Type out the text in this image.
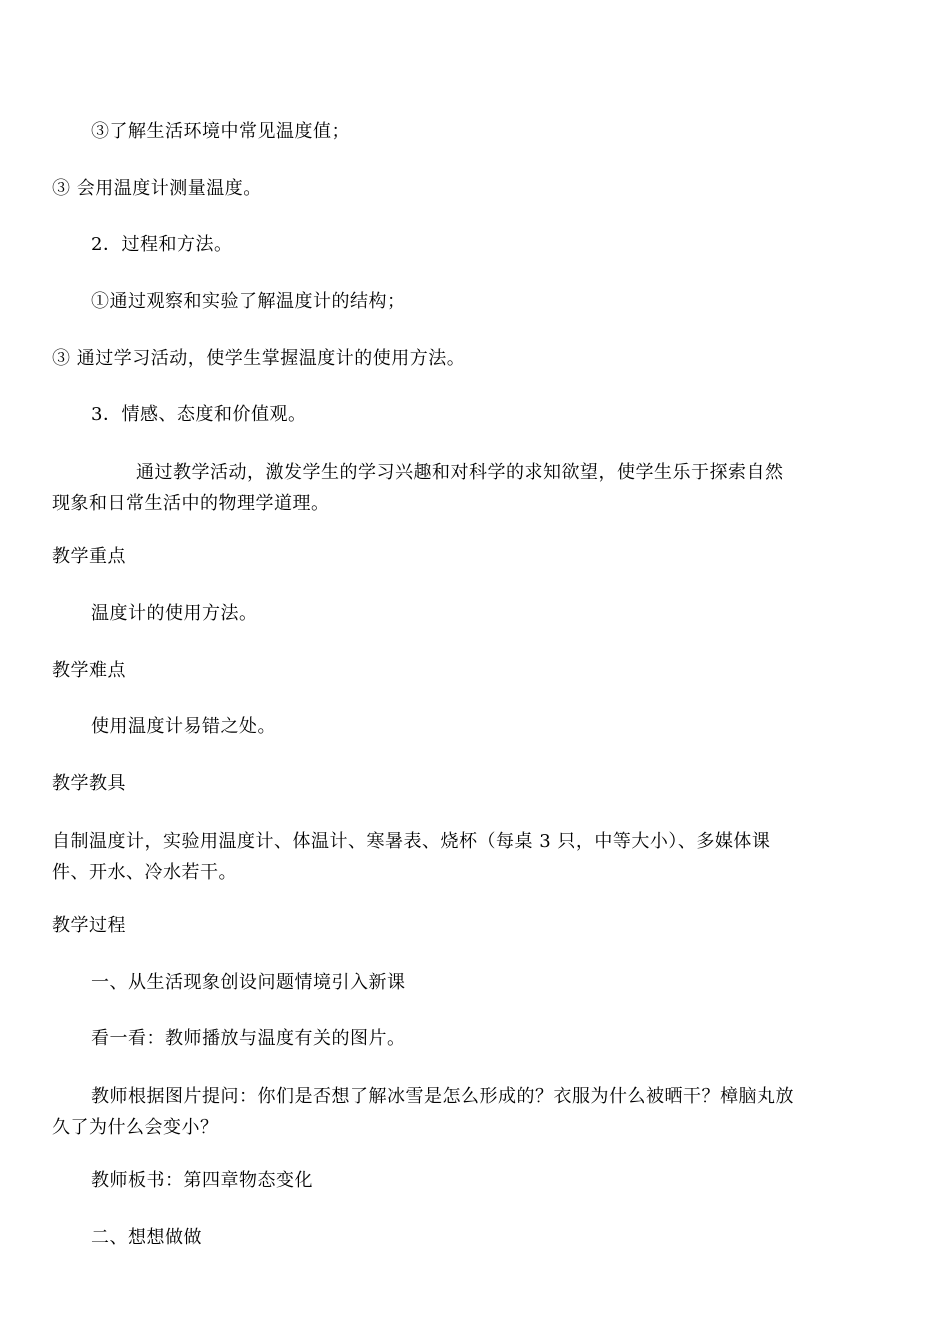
③了解生活环境中常见温度值；
③ 会用温度计测量温度。
2．过程和方法。
①通过观察和实验了解温度计的结构；
③ 通过学习活动，使学生掌握温度计的使用方法。
3．情感、态度和价值观。
通过教学活动，激发学生的学习兴趣和对科学的求知欲望，使学生乐于探索自然现象和日常生活中的物理学道理。
教学重点
温度计的使用方法。
教学难点
使用温度计易错之处。
教学教具
自制温度计，实验用温度计、体温计、寒暑表、烧杯（每桌 3 只，中等大小）、多媒体课件、开水、冷水若干。
教学过程
一、从生活现象创设问题情境引入新课
看一看：教师播放与温度有关的图片。
教师根据图片提问：你们是否想了解冰雪是怎么形成的？衣服为什么被晒干？樟脑丸放久了为什么会变小？
教师板书：第四章物态变化
二、想想做做
